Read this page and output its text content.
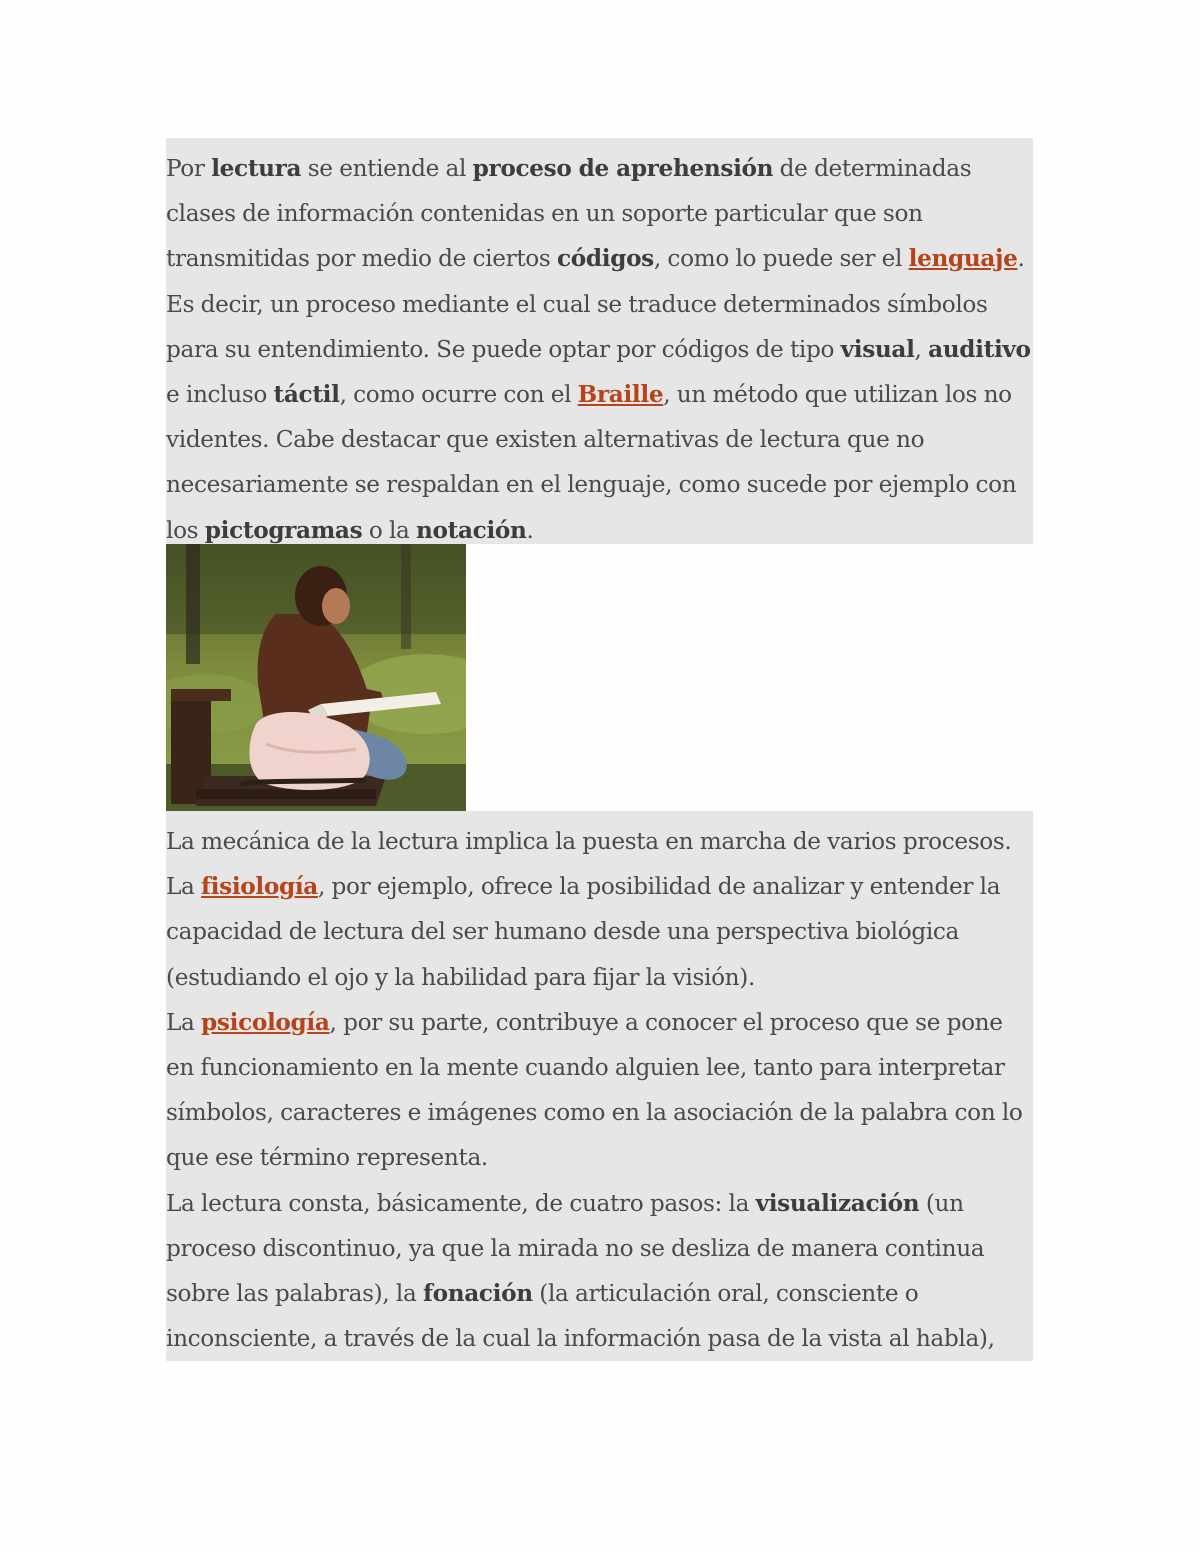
Por lectura se entiende al proceso de aprehensión de determinadas clases de información contenidas en un soporte particular que son transmitidas por medio de ciertos códigos, como lo puede ser el lenguaje. Es decir, un proceso mediante el cual se traduce determinados símbolos para su entendimiento. Se puede optar por códigos de tipo visual, auditivo e incluso táctil, como ocurre con el Braille, un método que utilizan los no videntes. Cabe destacar que existen alternativas de lectura que no necesariamente se respaldan en el lenguaje, como sucede por ejemplo con los pictogramas o la notación.

La mecánica de la lectura implica la puesta en marcha de varios procesos.

La fisiología, por ejemplo, ofrece la posibilidad de analizar y entender la capacidad de lectura del ser humano desde una perspectiva biológica (estudiando el ojo y la habilidad para fijar la visión).

La psicología, por su parte, contribuye a conocer el proceso que se pone en funcionamiento en la mente cuando alguien lee, tanto para interpretar símbolos, caracteres e imágenes como en la asociación de la palabra con lo que ese término representa.

La lectura consta, básicamente, de cuatro pasos: la visualización (un proceso discontinuo, ya que la mirada no se desliza de manera continua sobre las palabras), la fonación (la articulación oral, consciente o inconsciente, a través de la cual la información pasa de la vista al habla),
